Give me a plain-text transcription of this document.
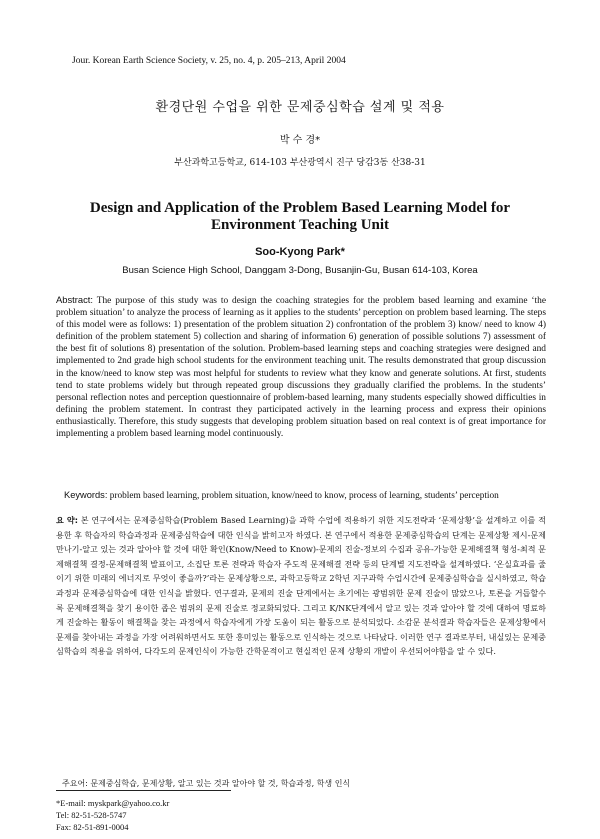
Jour. Korean Earth Science Society, v. 25, no. 4, p. 205–213, April 2004
환경단원 수업을 위한 문제중심학습 설계 및 적용
박 수 경*
부산과학고등학교, 614-103 부산광역시 진구 당감3동 산38-31
Design and Application of the Problem Based Learning Model for Environment Teaching Unit
Soo-Kyong Park*
Busan Science High School, Danggam 3-Dong, Busanjin-Gu, Busan 614-103, Korea
Abstract: The purpose of this study was to design the coaching strategies for the problem based learning and examine ‘the problem situation’ to analyze the process of learning as it applies to the students’ perception on problem based learning. The steps of this model were as follows: 1) presentation of the problem situation 2) confrontation of the problem 3) know/ need to know 4) definition of the problem statement 5) collection and sharing of information 6) generation of possible solutions 7) assessment of the best fit of solutions 8) presentation of the solution. Problem-based learning steps and coaching strategies were designed and implemented to 2nd grade high school students for the environment teaching unit. The results demonstrated that group discussion in the know/need to know step was most helpful for students to review what they know and generate solutions. At first, students tend to state problems widely but through repeated group discussions they gradually clarified the problems. In the students’ personal reflection notes and perception questionnaire of problem-based learning, many students especially showed difficulties in defining the problem statement. In contrast they participated actively in the learning process and express their opinions enthusiastically. Therefore, this study suggests that developing problem situation based on real context is of great importance for implementing a problem based learning model continuously.
Keywords: problem based learning, problem situation, know/need to know, process of learning, students’ perception
요 약: 본 연구에서는 문제중심학습(Problem Based Learning)을 과학 수업에 적용하기 위한 지도전략과 ‘문제상황’을 설계하고 이를 적용한 후 학습자의 학습과정과 문제중심학습에 대한 인식을 밝히고자 하였다. 본 연구에서 적용한 문제중심학습의 단계는 문제상황 제시-문제 만나기-알고 있는 것과 알아야 할 것에 대한 확인(Know/Need to Know)-문제의 진술-정보의 수집과 공유-가능한 문제해결책 형성-최적 문제해결책 결정-문제해결책 발표이고, 소집단 토론 전략과 학습자 주도적 문제해결 전략 등의 단계별 지도전략을 설계하였다. ‘온실효과를 줄이기 위한 미래의 에너지로 무엇이 좋을까?’라는 문제상황으로, 과학고등학교 2학년 지구과학 수업시간에 문제중심학습을 실시하였고, 학습과정과 문제중심학습에 대한 인식을 밝혔다. 연구결과, 문제의 진술 단계에서는 초기에는 광범위한 문제 진술이 많았으나, 토론을 거듭할수록 문제해결책을 찾기 용이한 좁은 범위의 문제 진술로 정교화되었다. 그리고 K/NK단계에서 알고 있는 것과 알아야 할 것에 대하여 명료하게 진술하는 활동이 해결책을 찾는 과정에서 학습자에게 가장 도움이 되는 활동으로 분석되었다. 소감문 분석결과 학습자들은 문제상황에서 문제를 찾아내는 과정을 가장 어려워하면서도 또한 흥미있는 활동으로 인식하는 것으로 나타났다. 이러한 연구 결과로부터, 내실있는 문제중심학습의 적용을 위하여, 다각도의 문제인식이 가능한 간학문적이고 현실적인 문제 상황의 개발이 우선되어야함을 알 수 있다.
주요어: 문제중심학습, 문제상황, 알고 있는 것과 알아야 할 것, 학습과정, 학생 인식
*E-mail: myskpark@yahoo.co.kr
Tel: 82-51-528-5747
Fax: 82-51-891-0004
